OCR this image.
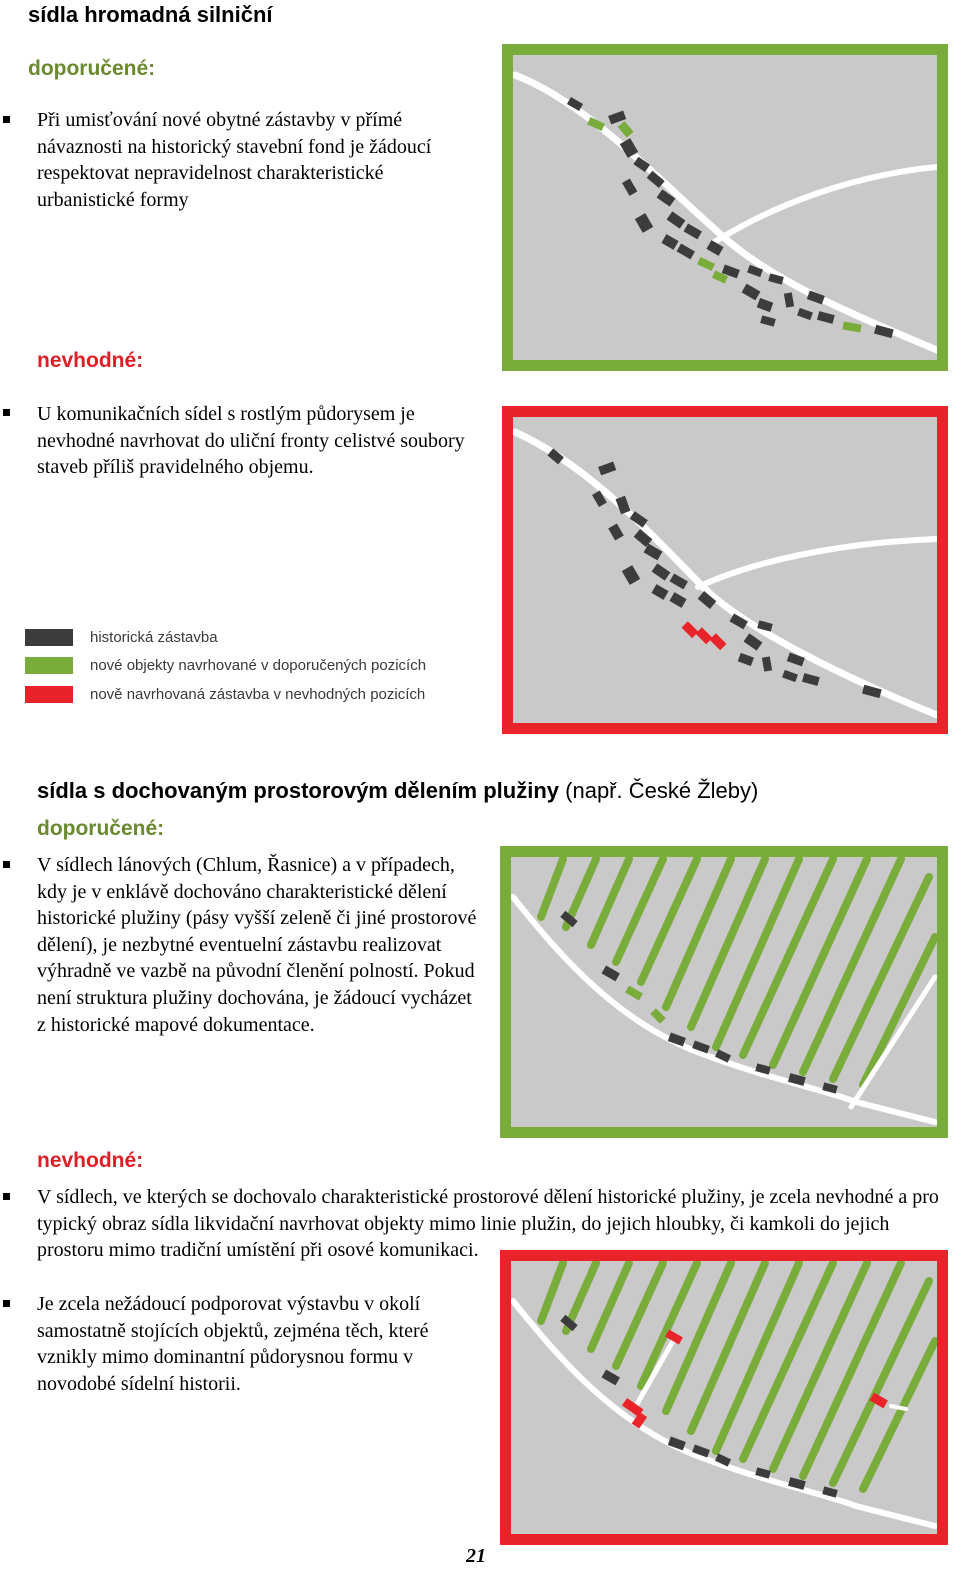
sídla hromadná silniční
doporučené:

Při umisťování nové obytné zástavby v přímé návaznosti na historický stavební fond je žádoucí respektovat nepravidelnost charakteristické urbanistické formy

nevhodné:

U komunikačních sídel s rostlým půdorysem je nevhodné navrhovat do uliční fronty celistvé soubory staveb příliš pravidelného objemu.

historická zástavba
nové objekty navrhované v doporučených pozicích
nově navrhovaná zástavba v nevhodných pozicích
sídla s dochovaným prostorovým dělením plužiny (např. České Žleby)
doporučené:

V sídlech lánových (Chlum, Řasnice) a v případech, kdy je v enklávě dochováno charakteristické dělení historické plužiny (pásy vyšší zeleně či jiné prostorové dělení), je nezbytné eventuelní zástavbu realizovat výhradně ve vazbě na původní členění polností. Pokud není struktura plužiny dochována, je žádoucí vycházet z historické mapové dokumentace.

nevhodné:

V sídlech, ve kterých se dochovalo charakteristické prostorové dělení historické plužiny, je zcela nevhodné a pro typický obraz sídla likvidační navrhovat objekty mimo linie plužin, do jejich hloubky, či kamkoli do jejich prostoru mimo tradiční umístění při osové komunikaci.

Je zcela nežádoucí podporovat výstavbu v okolí samostatně stojících objektů, zejména těch, které vznikly mimo dominantní půdorysnou formu v novodobé sídelní historii.

21
